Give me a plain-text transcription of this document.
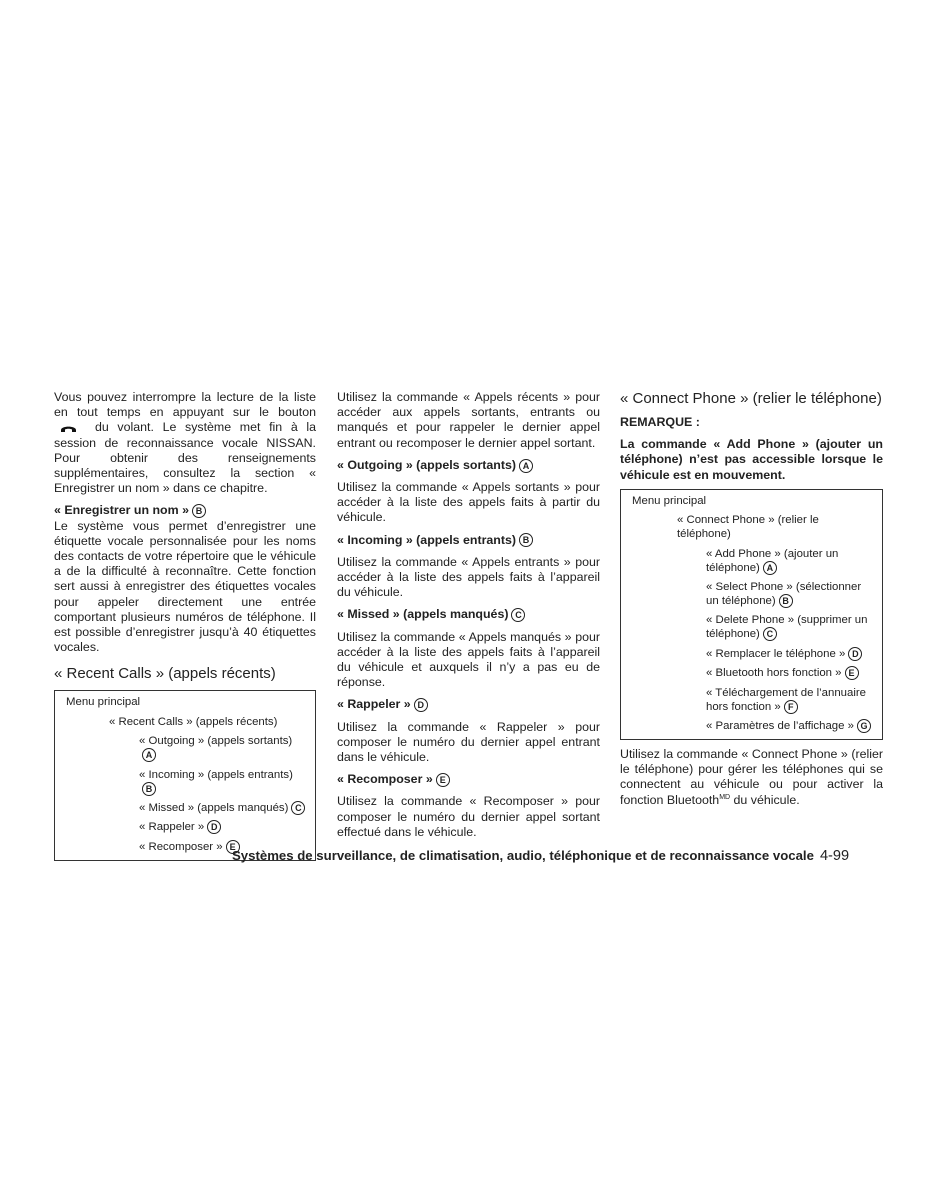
Vous pouvez interrompre la lecture de la liste en tout temps en appuyant sur le boutondu volant. Le système met fin à la session de reconnaissance vocale NISSAN. Pour obtenir des renseignements supplémentaires, consultez la section « Enregistrer un nom » dans ce chapitre.

« Enregistrer un nom » B

Le système vous permet d’enregistrer une étiquette vocale personnalisée pour les noms des contacts de votre répertoire que le véhicule a de la difficulté à reconnaître. Cette fonction sert aussi à enregistrer des étiquettes vocales pour appeler directement une entrée comportant plusieurs numéros de téléphone. Il est possible d’enregistrer jusqu’à 40 étiquettes vocales.

« Recent Calls » (appels récents)
Menu principal
« Recent Calls » (appels récents)
« Outgoing » (appels sortants)A
« Incoming » (appels entrants)B
« Missed » (appels manqués) C
« Rappeler » D
« Recomposer » E

Utilisez la commande « Appels récents » pour accéder aux appels sortants, entrants ou manqués et pour rappeler le dernier appel entrant ou recomposer le dernier appel sortant.

« Outgoing » (appels sortants) A

Utilisez la commande « Appels sortants » pour accéder à la liste des appels faits à partir du véhicule.

« Incoming » (appels entrants) B

Utilisez la commande « Appels entrants » pour accéder à la liste des appels faits à l’appareil du véhicule.

« Missed » (appels manqués) C

Utilisez la commande « Appels manqués » pour accéder à la liste des appels faits à l’appareil du véhicule et auxquels il n’y a pas eu de réponse.

« Rappeler » D

Utilisez la commande « Rappeler » pour composer le numéro du dernier appel entrant dans le véhicule.

« Recomposer » E

Utilisez la commande « Recomposer » pour composer le numéro du dernier appel sortant effectué dans le véhicule.

« Connect Phone » (relier le téléphone)

REMARQUE :

La commande « Add Phone » (ajouter un téléphone) n’est pas accessible lorsque le véhicule est en mouvement.

Menu principal
« Connect Phone » (relier le téléphone)
« Add Phone » (ajouter un téléphone) A
« Select Phone » (sélectionner un téléphone) B
« Delete Phone » (supprimer un téléphone) C
« Remplacer le téléphone » D
« Bluetooth hors fonction » E
« Téléchargement de l’annuaire hors fonction » F
« Paramètres de l’affichage » G

Utilisez la commande « Connect Phone » (relier le téléphone) pour gérer les téléphones qui se connectent au véhicule ou pour activer la fonction Bluetooth$^{MD}$ du véhicule.

Systèmes de surveillance, de climatisation, audio, téléphonique et de reconnaissance vocale 4-99
